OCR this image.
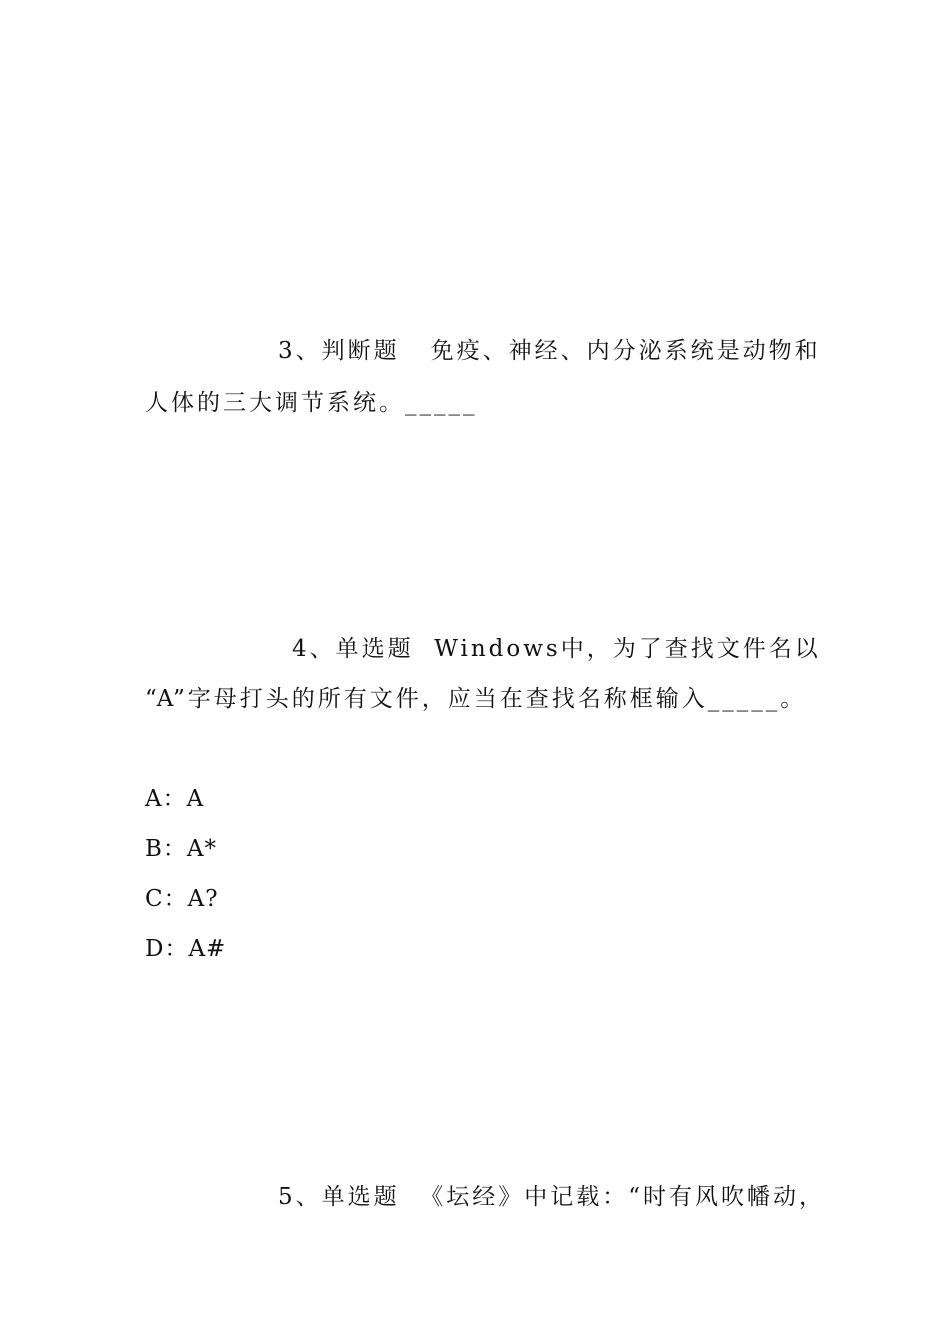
3、判断题   免疫、神经、内分泌系统是动物和
人体的三大调节系统。_____
4、单选题  Windows中，为了查找文件名以
“A”字母打头的所有文件，应当在查找名称框输入_____。
A：A
B：A*
C：A?
D：A#
5、单选题  《坛经》中记载：“时有风吹幡动，
